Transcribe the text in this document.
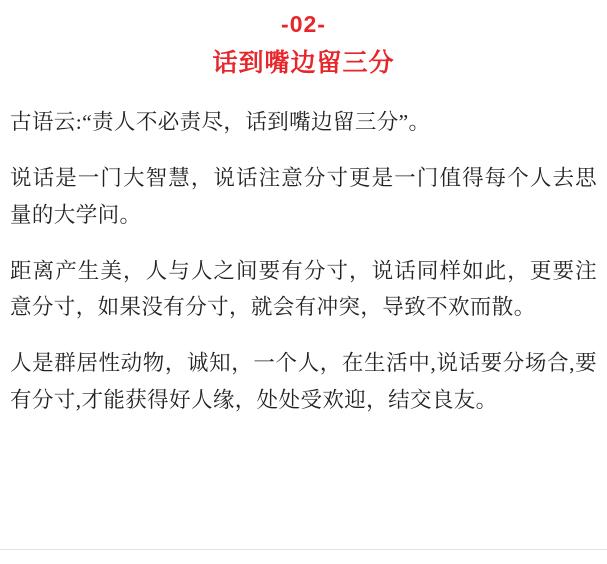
-02-
话到嘴边留三分

古语云:“责人不必责尽，话到嘴边留三分”。

说话是一门大智慧，说话注意分寸更是一门值得每个人去思量的大学问。

距离产生美，人与人之间要有分寸，说话同样如此，更要注意分寸，如果没有分寸，就会有冲突，导致不欢而散。

人是群居性动物，诚知，一个人，在生活中,说话要分场合,要有分寸,才能获得好人缘，处处受欢迎，结交良友。
